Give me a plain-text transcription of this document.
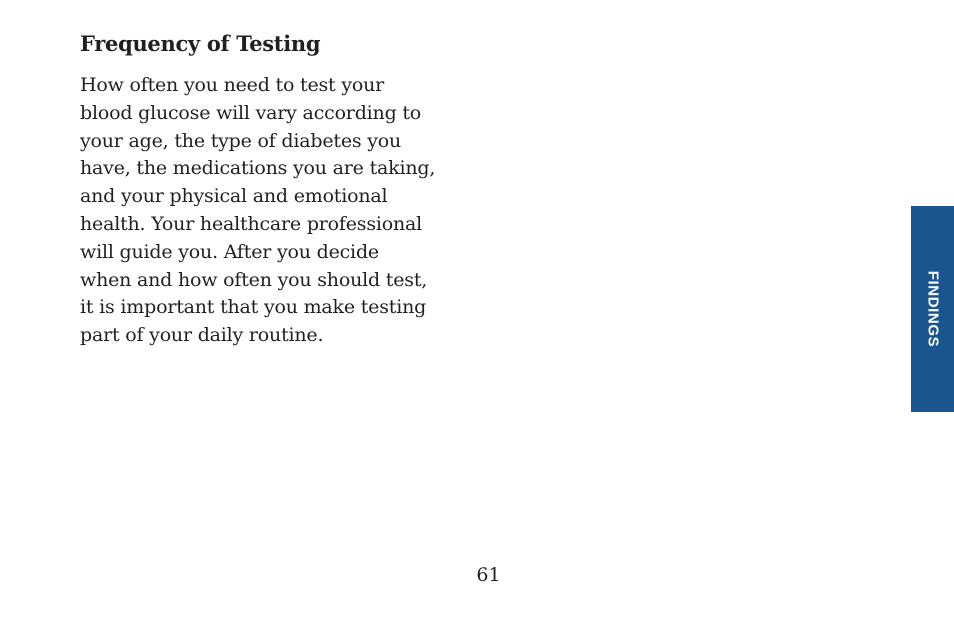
Frequency of Testing

How often you need to test your
blood glucose will vary according to
your age, the type of diabetes you
have, the medications you are taking,
and your physical and emotional
health. Your healthcare professional
will guide you. After you decide
when and how often you should test,
it is important that you make testing
part of your daily routine.	FINDINGS
61
